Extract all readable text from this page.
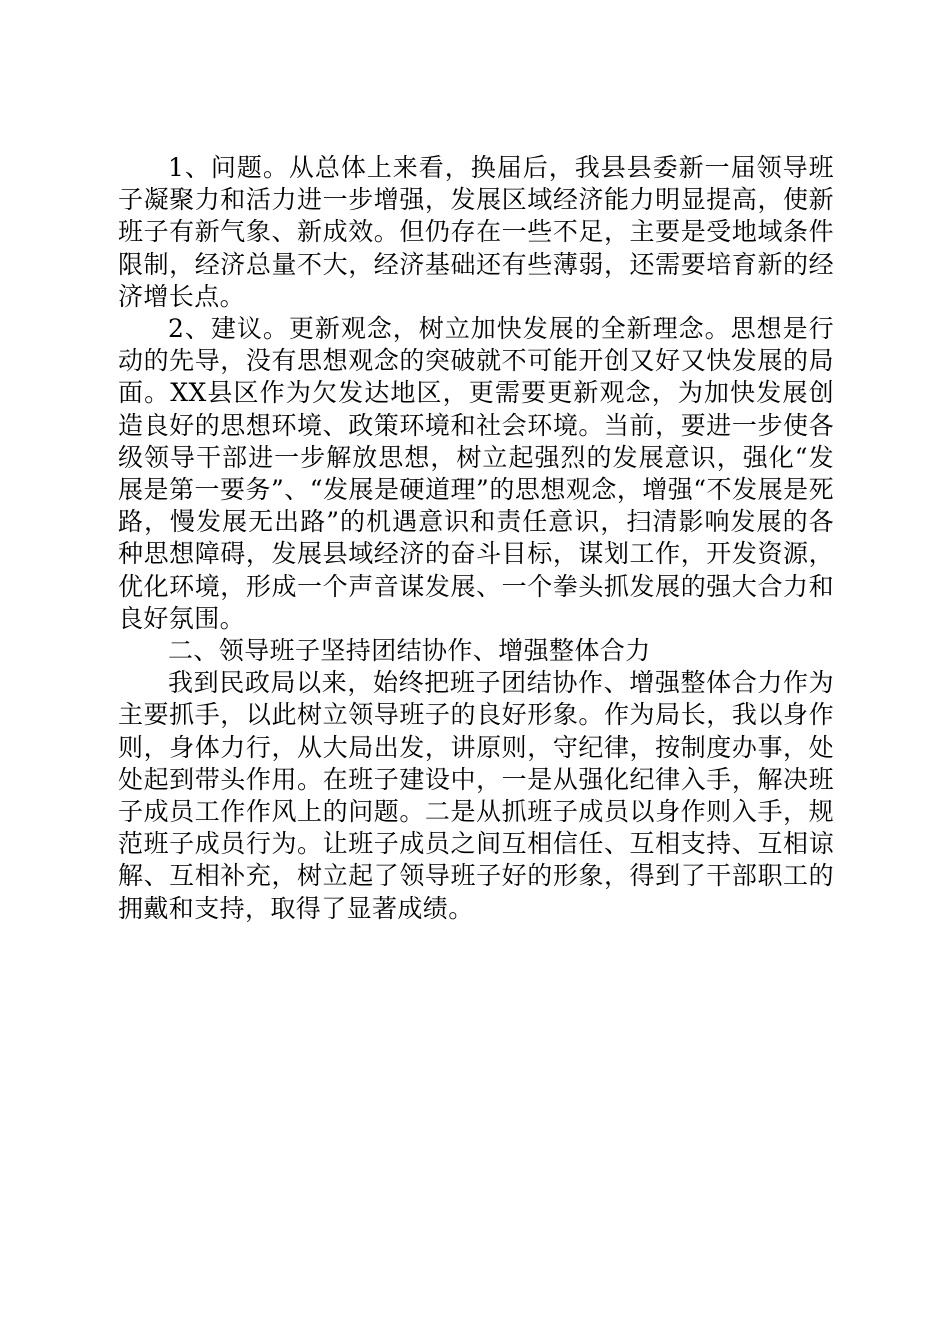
1、问题。从总体上来看，换届后，我县县委新一届领导班子凝聚力和活力进一步增强，发展区域经济能力明显提高，使新班子有新气象、新成效。但仍存在一些不足，主要是受地域条件限制，经济总量不大，经济基础还有些薄弱，还需要培育新的经济增长点。

2、建议。更新观念，树立加快发展的全新理念。思想是行动的先导，没有思想观念的突破就不可能开创又好又快发展的局面。XX县区作为欠发达地区，更需要更新观念，为加快发展创造良好的思想环境、政策环境和社会环境。当前，要进一步使各级领导干部进一步解放思想，树立起强烈的发展意识，强化“发展是第一要务”、“发展是硬道理”的思想观念，增强“不发展是死路，慢发展无出路”的机遇意识和责任意识，扫清影响发展的各种思想障碍，发展县域经济的奋斗目标，谋划工作，开发资源，优化环境，形成一个声音谋发展、一个拳头抓发展的强大合力和良好氛围。

二、领导班子坚持团结协作、增强整体合力

我到民政局以来，始终把班子团结协作、增强整体合力作为主要抓手，以此树立领导班子的良好形象。作为局长，我以身作则，身体力行，从大局出发，讲原则，守纪律，按制度办事，处处起到带头作用。在班子建设中，一是从强化纪律入手，解决班子成员工作作风上的问题。二是从抓班子成员以身作则入手，规范班子成员行为。让班子成员之间互相信任、互相支持、互相谅解、互相补充，树立起了领导班子好的形象，得到了干部职工的拥戴和支持，取得了显著成绩。
